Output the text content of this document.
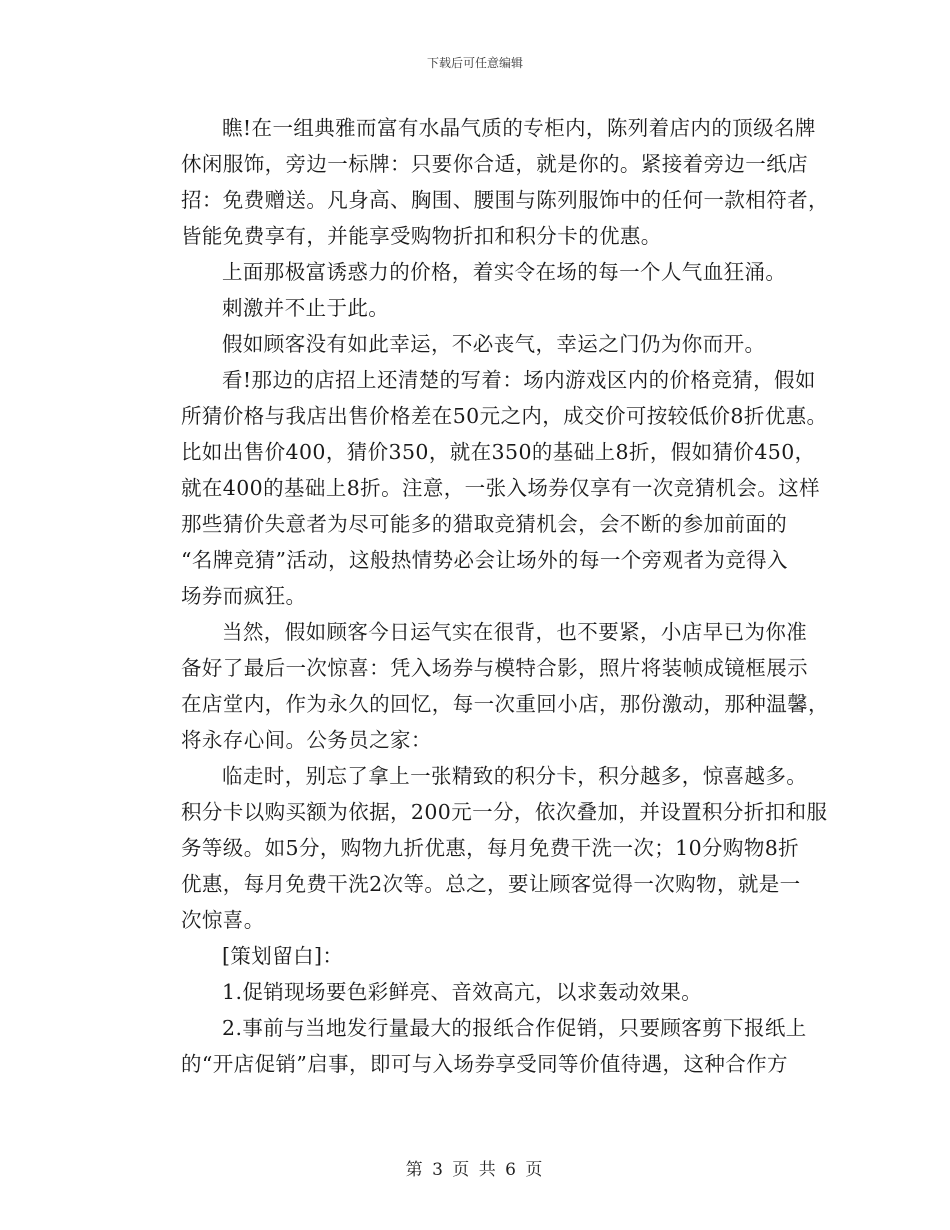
下载后可任意编辑
瞧!在一组典雅而富有水晶气质的专柜内，陈列着店内的顶级名牌
休闲服饰，旁边一标牌：只要你合适，就是你的。紧接着旁边一纸店
招：免费赠送。凡身高、胸围、腰围与陈列服饰中的任何一款相符者，
皆能免费享有，并能享受购物折扣和积分卡的优惠。
上面那极富诱惑力的价格，着实令在场的每一个人气血狂涌。
刺激并不止于此。
假如顾客没有如此幸运，不必丧气，幸运之门仍为你而开。
看!那边的店招上还清楚的写着：场内游戏区内的价格竞猜，假如
所猜价格与我店出售价格差在50元之内，成交价可按较低价8折优惠。
比如出售价400，猜价350，就在350的基础上8折，假如猜价450，
就在400的基础上8折。注意，一张入场券仅享有一次竞猜机会。这样
那些猜价失意者为尽可能多的猎取竞猜机会，会不断的参加前面的
“名牌竞猜”活动，这般热情势必会让场外的每一个旁观者为竞得入
场券而疯狂。
当然，假如顾客今日运气实在很背，也不要紧，小店早已为你准
备好了最后一次惊喜：凭入场券与模特合影，照片将装帧成镜框展示
在店堂内，作为永久的回忆，每一次重回小店，那份激动，那种温馨，
将永存心间。公务员之家：
临走时，别忘了拿上一张精致的积分卡，积分越多，惊喜越多。
积分卡以购买额为依据，200元一分，依次叠加，并设置积分折扣和服
务等级。如5分，购物九折优惠，每月免费干洗一次；10分购物8折
优惠，每月免费干洗2次等。总之，要让顾客觉得一次购物，就是一
次惊喜。
[策划留白]：
1.促销现场要色彩鲜亮、音效高亢，以求轰动效果。
2.事前与当地发行量最大的报纸合作促销，只要顾客剪下报纸上
的“开店促销”启事，即可与入场券享受同等价值待遇，这种合作方
第 3 页 共 6 页
